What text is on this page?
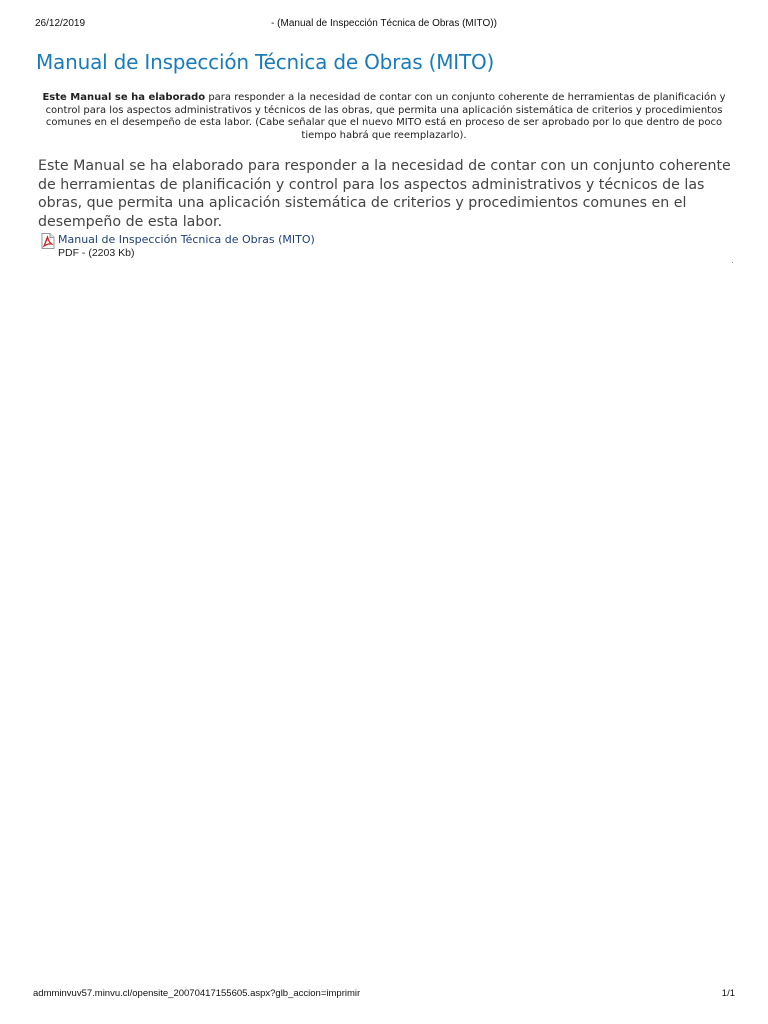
26/12/2019	- (Manual de Inspección Técnica de Obras (MITO))
Manual de Inspección Técnica de Obras (MITO)

Este Manual se ha elaborado para responder a la necesidad de contar con un conjunto coherente de herramientas de planificación y control para los aspectos administrativos y técnicos de las obras, que permita una aplicación sistemática de criterios y procedimientos comunes en el desempeño de esta labor. (Cabe señalar que el nuevo MITO está en proceso de ser aprobado por lo que dentro de poco tiempo habrá que reemplazarlo).

Este Manual se ha elaborado para responder a la necesidad de contar con un conjunto coherente de herramientas de planificación y control para los aspectos administrativos y técnicos de las obras, que permita una aplicación sistemática de criterios y procedimientos comunes en el desempeño de esta labor.

Manual de Inspección Técnica de Obras (MITO)
PDF - (2203 Kb)
admminvuv57.minvu.cl/opensite_20070417155605.aspx?glb_accion=imprimir	1/1
